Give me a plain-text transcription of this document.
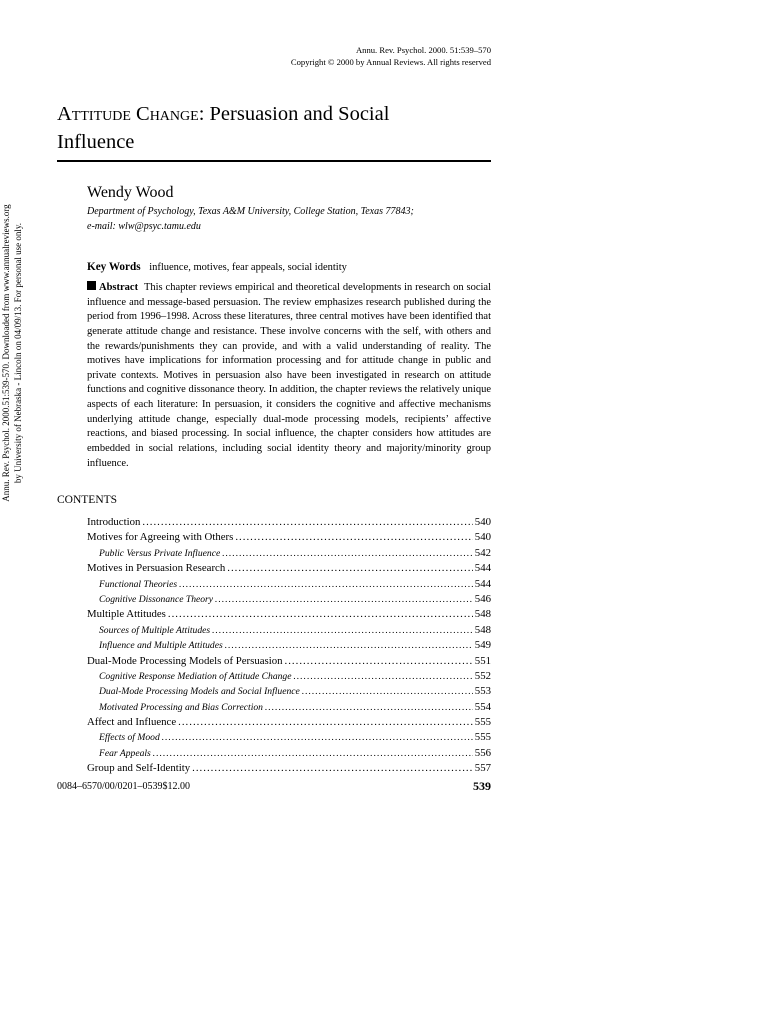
Annu. Rev. Psychol. 2000. 51:539–570
Copyright © 2000 by Annual Reviews. All rights reserved
Attitude Change: Persuasion and Social
Influence
Wendy Wood
Department of Psychology, Texas A&M University, College Station, Texas 77843;
e-mail: wlw@psyc.tamu.edu
Key Words influence, motives, fear appeals, social identity

Abstract This chapter reviews empirical and theoretical developments in research on social influence and message-based persuasion. The review emphasizes research published during the period from 1996–1998. Across these literatures, three central motives have been identified that generate attitude change and resistance. These involve concerns with the self, with others and the rewards/punishments they can provide, and with a valid understanding of reality. The motives have implications for information processing and for attitude change in public and private contexts. Motives in persuasion also have been investigated in research on attitude functions and cognitive dissonance theory. In addition, the chapter reviews the relatively unique aspects of each literature: In persuasion, it considers the cognitive and affective mechanisms underlying attitude change, especially dual-mode processing models, recipients’ affective reactions, and biased processing. In social influence, the chapter considers how attitudes are embedded in social relations, including social identity theory and majority/minority group influence.

Annu. Rev. Psychol. 2000.51:539-570. Downloaded from www.annualreviews.org by University of Nebraska - Lincoln on 04/09/13. For personal use only.
CONTENTS
Introduction .....	540
Motives for Agreeing with Others .....	540
Public Versus Private Influence .....	542
Motives in Persuasion Research .....	544
Functional Theories .....	544
Cognitive Dissonance Theory .....	546
Multiple Attitudes .....	548
Sources of Multiple Attitudes .....	548
Influence and Multiple Attitudes .....	549
Dual-Mode Processing Models of Persuasion .....	551
Cognitive Response Mediation of Attitude Change .....	552
Dual-Mode Processing Models and Social Influence .....	553
Motivated Processing and Bias Correction .....	554
Affect and Influence .....	555
Effects of Mood .....	555
Fear Appeals .....	556
Group and Self-Identity .....	557
0084–6570/00/0201–0539$12.00	539
